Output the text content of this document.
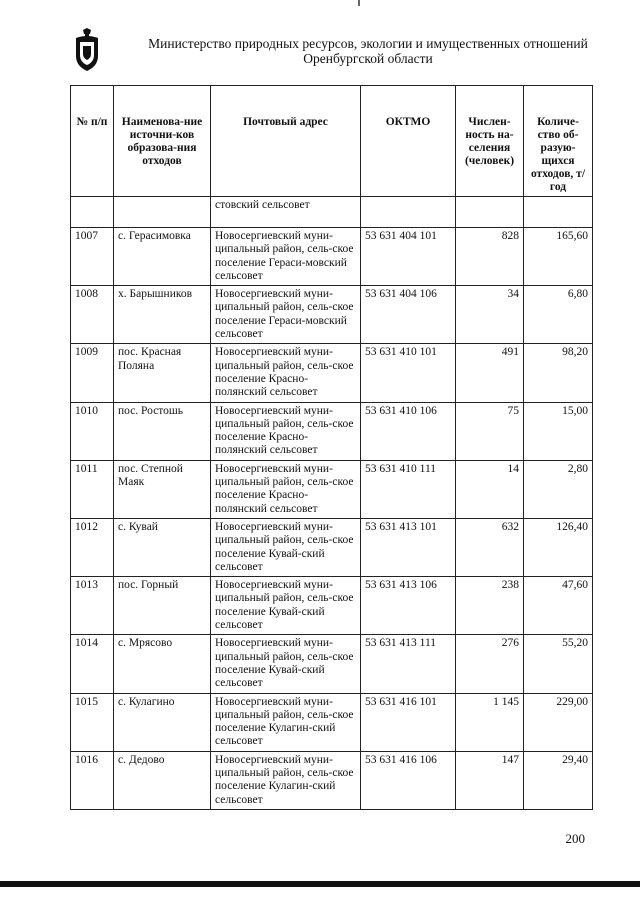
Министерство природных ресурсов, экологии и имущественных отношений
Оренбургской области
№ п/п	Наименова-ние источни-ков образова-ния отходов	Почтовый адрес	ОКТМО	Числен-ность на-селения (человек)	Количе-ство об-разую-щихся отходов, т/год
		стовский сельсовет			
1007	с. Герасимовка	Новосергиевский муни-ципальный район, сель-ское поселение Гераси-мовский сельсовет	53 631 404 101	828	165,60
1008	х. Барышников	Новосергиевский муни-ципальный район, сель-ское поселение Гераси-мовский сельсовет	53 631 404 106	34	6,80
1009	пос. Красная Поляна	Новосергиевский муни-ципальный район, сель-ское поселение Красно-полянский сельсовет	53 631 410 101	491	98,20
1010	пос. Ростошь	Новосергиевский муни-ципальный район, сель-ское поселение Красно-полянский сельсовет	53 631 410 106	75	15,00
1011	пос. Степной Маяк	Новосергиевский муни-ципальный район, сель-ское поселение Красно-полянский сельсовет	53 631 410 111	14	2,80
1012	с. Кувай	Новосергиевский муни-ципальный район, сель-ское поселение Кувай-ский сельсовет	53 631 413 101	632	126,40
1013	пос. Горный	Новосергиевский муни-ципальный район, сель-ское поселение Кувай-ский сельсовет	53 631 413 106	238	47,60
1014	с. Мрясово	Новосергиевский муни-ципальный район, сель-ское поселение Кувай-ский сельсовет	53 631 413 111	276	55,20
1015	с. Кулагино	Новосергиевский муни-ципальный район, сель-ское поселение Кулагин-ский сельсовет	53 631 416 101	1 145	229,00
1016	с. Дедово	Новосергиевский муни-ципальный район, сель-ское поселение Кулагин-ский сельсовет	53 631 416 106	147	29,40
200
